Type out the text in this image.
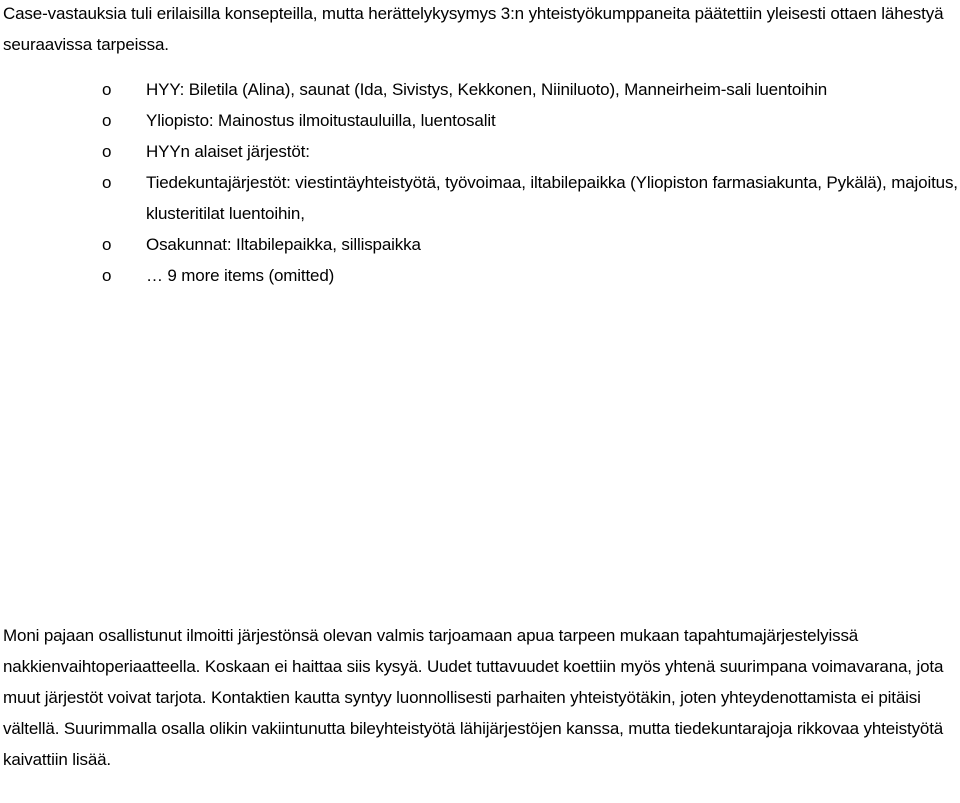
Case-vastauksia tuli erilaisilla konsepteilla, mutta herättelykysymys 3:n yhteistyökumppaneita päätettiin yleisesti ottaen lähestyä seuraavissa tarpeissa.

o	HYY: Biletila (Alina), saunat (Ida, Sivistys, Kekkonen, Niiniluoto), Manneirheim-sali luentoihin
o	Yliopisto: Mainostus ilmoitustauluilla, luentosalit
o	HYYn alaiset järjestöt:
o	Tiedekuntajärjestöt: viestintäyhteistyötä, työvoimaa, iltabilepaikka (Yliopiston farmasiakunta, Pykälä), majoitus, klusteritilat luentoihin,
o	Osakunnat: Iltabilepaikka, sillispaikka
o	… 9 more items (omitted)

Moni pajaan osallistunut ilmoitti järjestönsä olevan valmis tarjoamaan apua tarpeen mukaan tapahtumajärjestelyissä nakkienvaihtoperiaatteella. Koskaan ei haittaa siis kysyä. Uudet tuttavuudet koettiin myös yhtenä suurimpana voimavarana, jota muut järjestöt voivat tarjota. Kontaktien kautta syntyy luonnollisesti parhaiten yhteistyötäkin, joten yhteydenottamista ei pitäisi vältellä. Suurimmalla osalla olikin vakiintunutta bileyhteistyötä lähijärjestöjen kanssa, mutta tiedekuntarajoja rikkovaa yhteistyötä kaivattiin lisää.
